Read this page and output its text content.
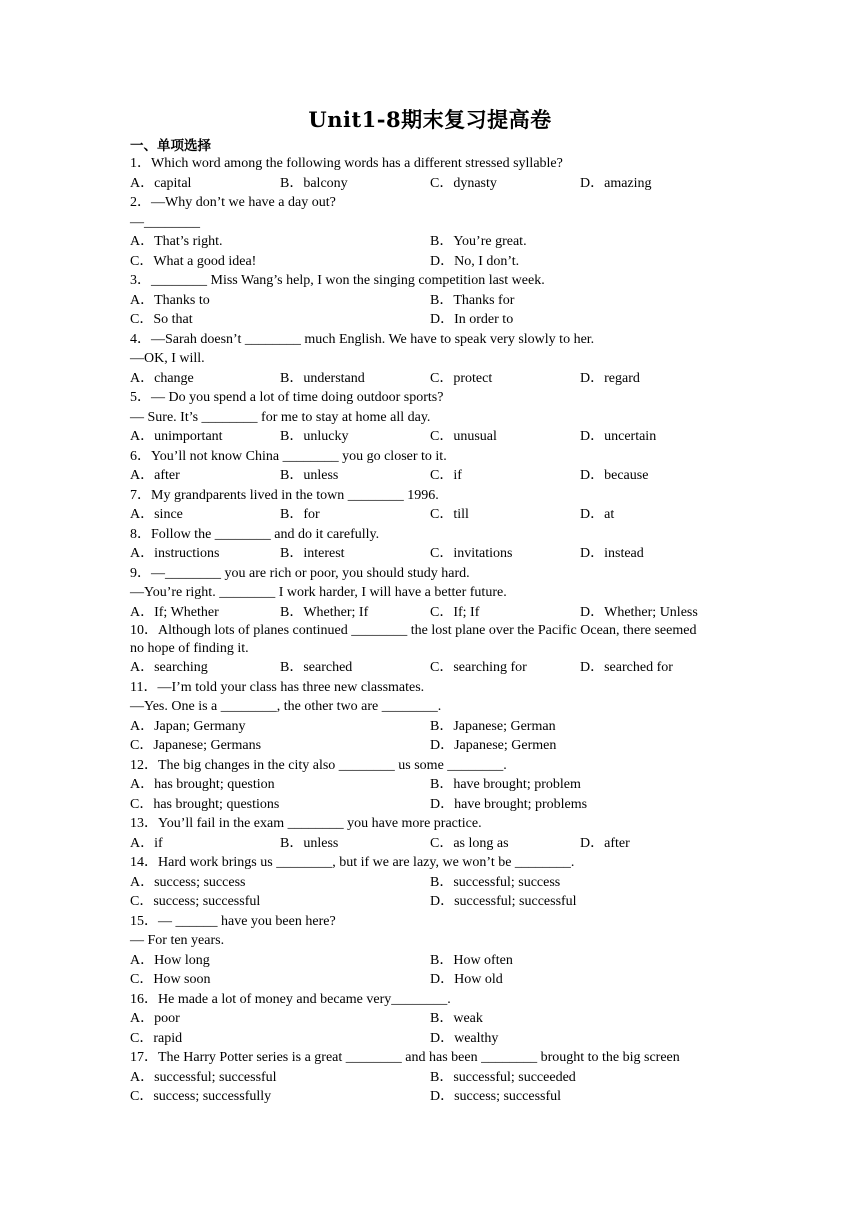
Unit1-8期末复习提高卷
一、单项选择
1．Which word among the following words has a different stressed syllable?
A．capital	B．balcony	C．dynasty	D．amazing
2．—Why don’t we have a day out?
—________
A．That’s right.	B．You’re great.
C．What a good idea!	D．No, I don’t.
3．________ Miss Wang’s help, I won the singing competition last week.
A．Thanks to	B．Thanks for
C．So that	D．In order to
4．—Sarah doesn’t ________ much English. We have to speak very slowly to her.
—OK, I will.
A．change	B．understand	C．protect	D．regard
5．— Do you spend a lot of time doing outdoor sports?
— Sure. It’s ________ for me to stay at home all day.
A．unimportant	B．unlucky	C．unusual	D．uncertain
6．You’ll not know China ________ you go closer to it.
A．after	B．unless	C．if	D．because
7．My grandparents lived in the town ________ 1996.
A．since	B．for	C．till	D．at
8．Follow the ________ and do it carefully.
A．instructions	B．interest	C．invitations	D．instead
9．—________ you are rich or poor, you should study hard.
—You’re right. ________ I work harder, I will have a better future.
A．If; Whether	B．Whether; If	C．If; If	D．Whether; Unless
10．Although lots of planes continued ________ the lost plane over the Pacific Ocean, there seemed no hope of finding it.
A．searching	B．searched	C．searching for	D．searched for
11．—I’m told your class has three new classmates.
—Yes. One is a ________, the other two are ________.
A．Japan; Germany	B．Japanese; German
C．Japanese; Germans	D．Japanese; Germen
12．The big changes in the city also ________ us some ________.
A．has brought; question	B．have brought; problem
C．has brought; questions	D．have brought; problems
13．You’ll fail in the exam ________ you have more practice.
A．if	B．unless	C．as long as	D．after
14．Hard work brings us ________, but if we are lazy, we won’t be ________.
A．success; success	B．successful; success
C．success; successful	D．successful; successful
15．— ______ have you been here?
— For ten years.
A．How long	B．How often
C．How soon	D．How old
16．He made a lot of money and became very________.
A．poor	B．weak
C．rapid	D．wealthy
17．The Harry Potter series is a great ________ and has been ________ brought to the big screen
A．successful; successful	B．successful; succeeded
C．success; successfully	D．success; successful
